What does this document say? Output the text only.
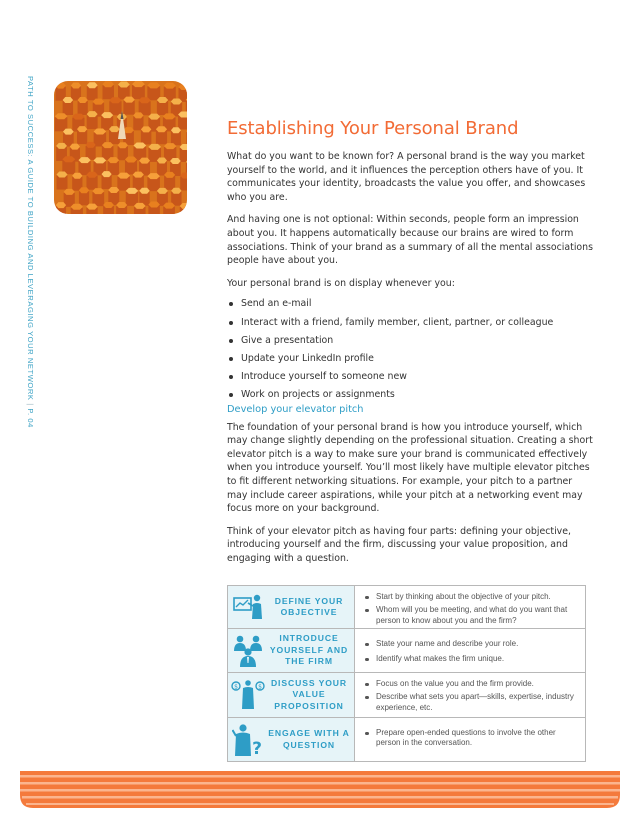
PATH TO SUCCESS: A GUIDE TO BUILDING AND LEVERAGING YOUR NETWORK | P. 04
Establishing Your Personal Brand

What do you want to be known for? A personal brand is the way you market yourself to the world, and it influences the perception others have of you. It communicates your identity, broadcasts the value you offer, and showcases who you are.

And having one is not optional: Within seconds, people form an impression about you. It happens automatically because our brains are wired to form associations. Think of your brand as a summary of all the mental associations people have about you.

Your personal brand is on display whenever you:

Send an e-mail
Interact with a friend, family member, client, partner, or colleague
Give a presentation
Update your LinkedIn profile
Introduce yourself to someone new
Work on projects or assignments
Develop your elevator pitch

The foundation of your personal brand is how you introduce yourself, which may change slightly depending on the professional situation. Creating a short elevator pitch is a way to make sure your brand is communicated effectively when you introduce yourself. You’ll most likely have multiple elevator pitches to fit different networking situations. For example, your pitch to a partner may include career aspirations, while your pitch at a networking event may focus more on your background.

Think of your elevator pitch as having four parts: defining your objective, introducing yourself and the firm, discussing your value proposition, and engaging with a question.

DEFINE YOUR OBJECTIVE
Start by thinking about the objective of your pitch.
Whom will you be meeting, and what do you want that person to know about you and the firm?
INTRODUCE YOURSELF AND THE FIRM
State your name and describe your role.
Identify what makes the firm unique.
$	$	DISCUSS YOUR VALUE PROPOSITION
Focus on the value you and the firm provide.
Describe what sets you apart—skills, expertise, industry experience, etc.
?
ENGAGE WITH A QUESTION
Prepare open-ended questions to involve the other person in the conversation.
